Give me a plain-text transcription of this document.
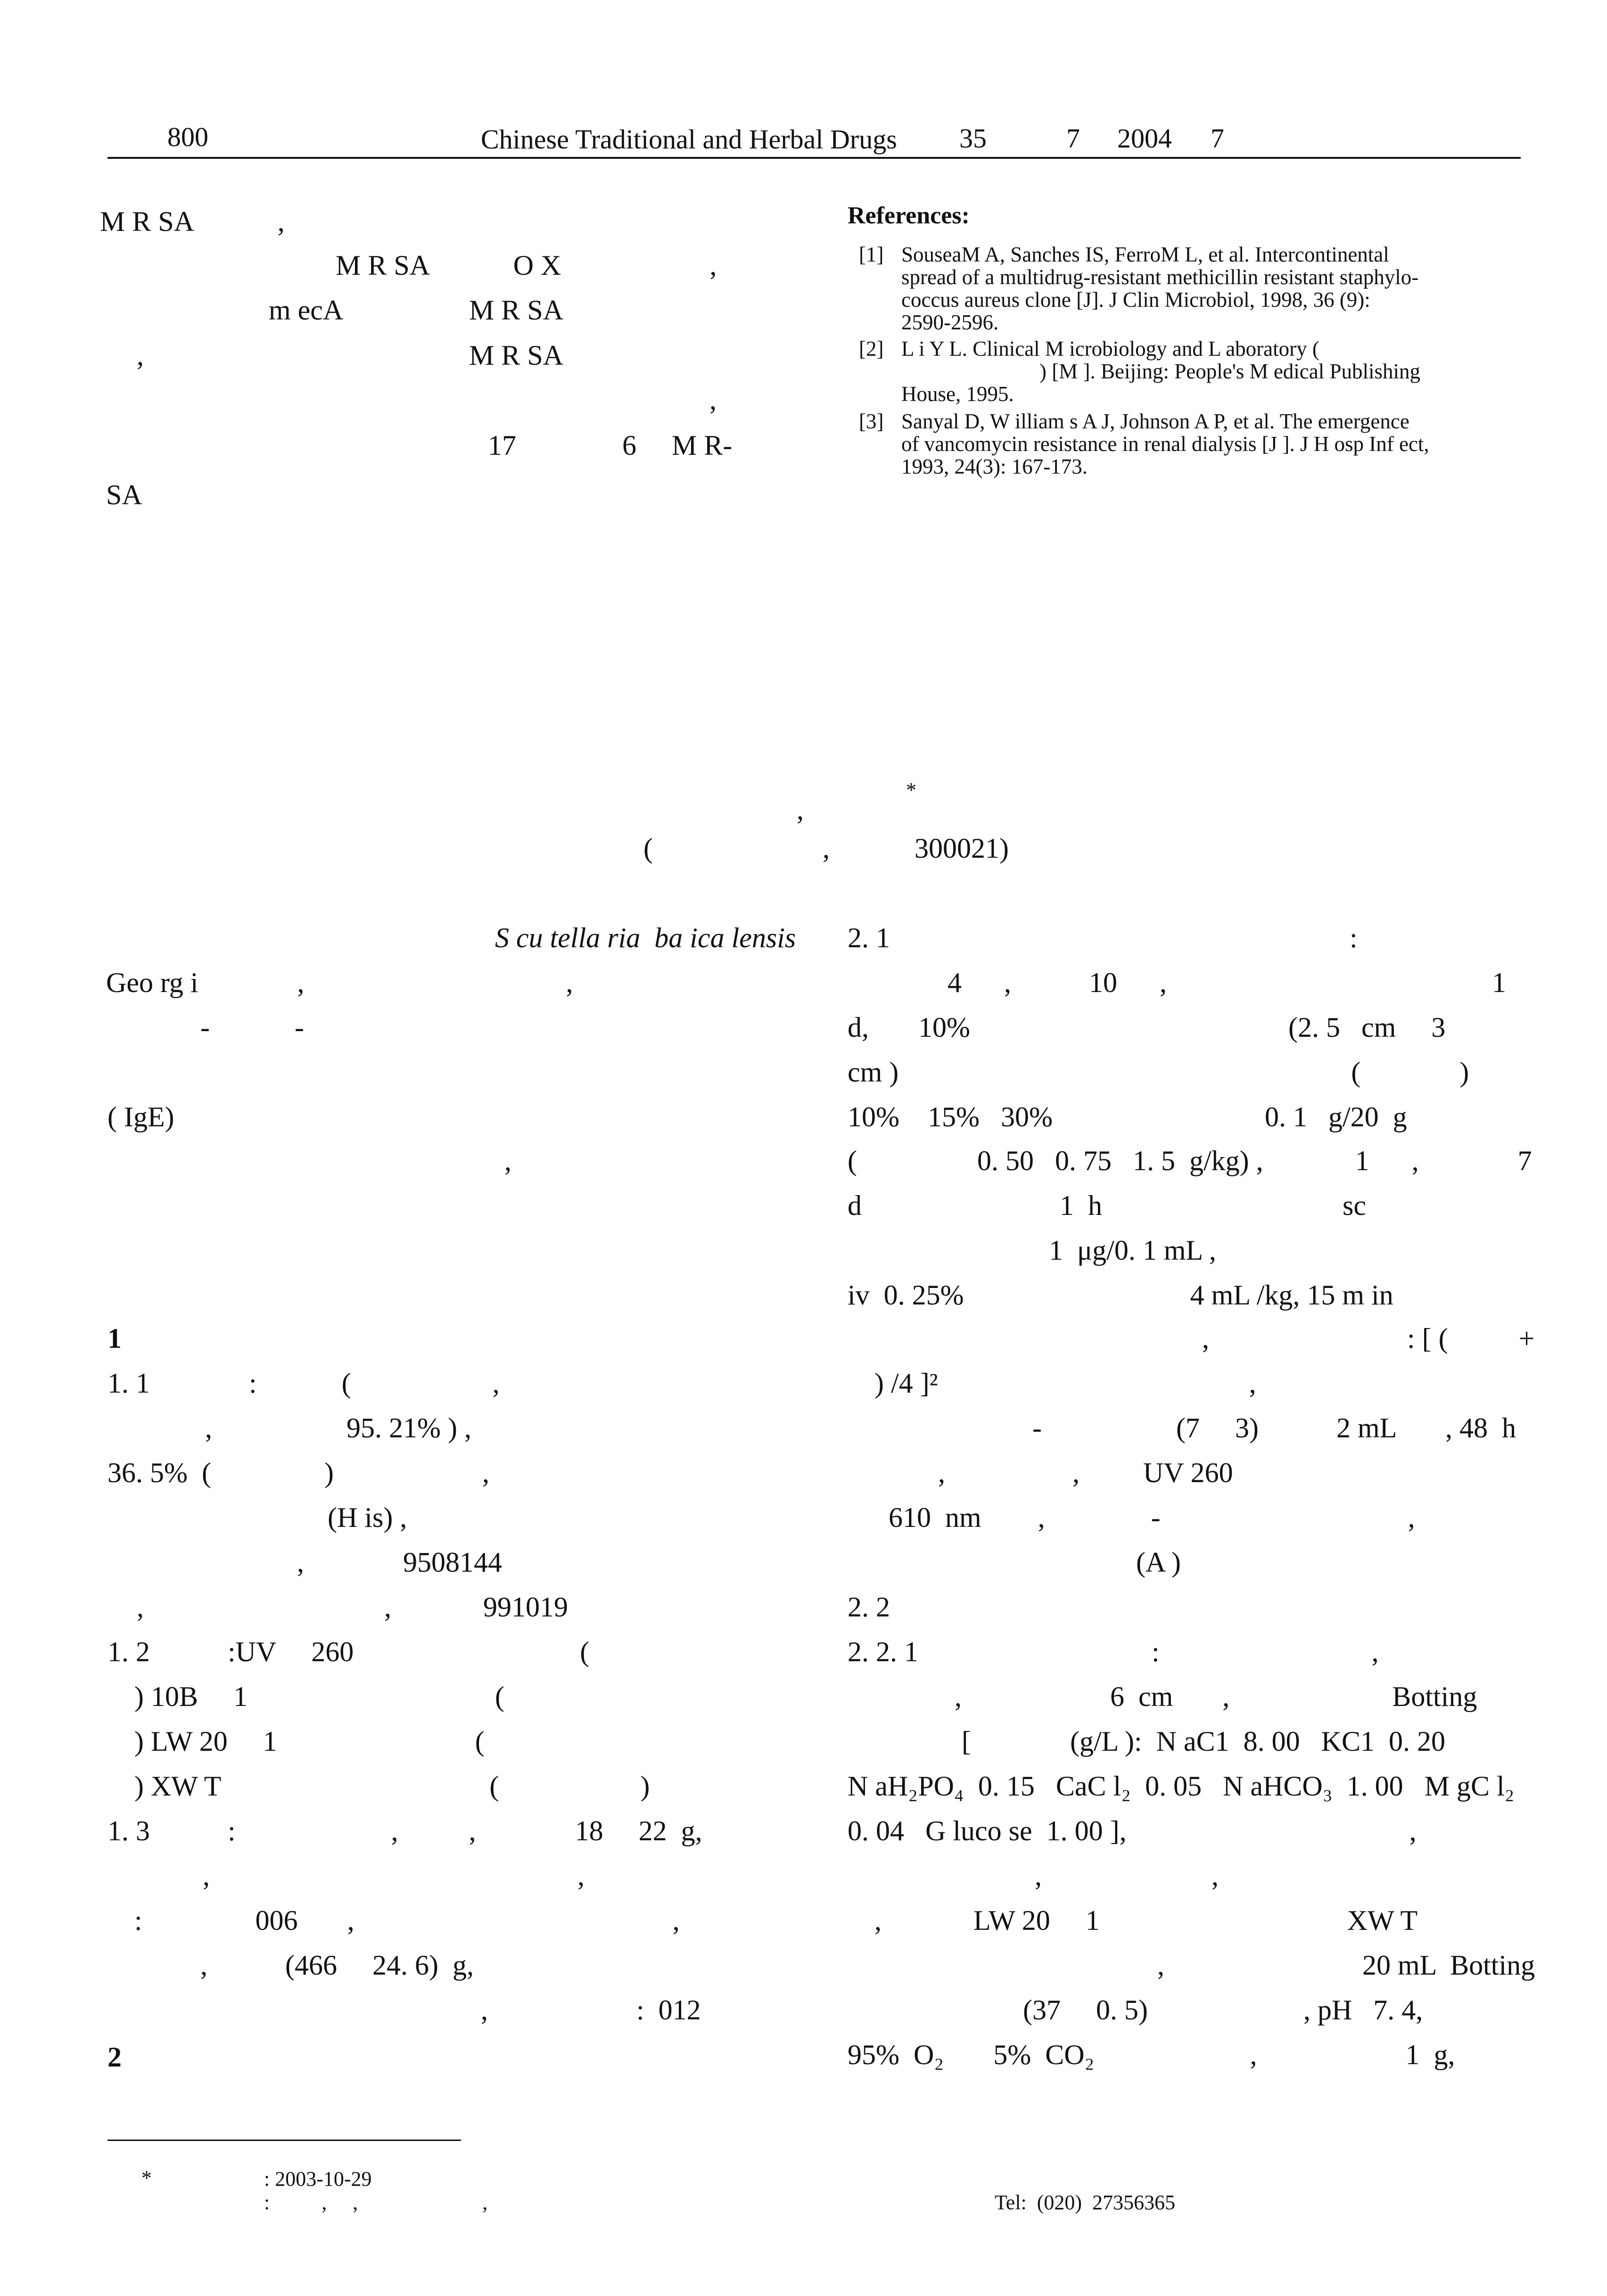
800	Chinese Traditional and Herbal Drugs 35	7 2004 7
M R SA            ,
M R SA            O X                     ,
m ecA                  M R SA
,                                              M R SA
,
17               6     M R-
SA
References:
[1] SouseaM A, Sanches IS, FerroM L, et al. Intercontinental
spread of a multidrug-resistant methicillin resistant staphylo-
coccus aureus clone [J]. J Clin Microbiol, 1998, 36 (9):
2590-2596.
[2] L i Y L. Clinical M icrobiology and L aboratory (
) [M ]. Beijing: People's M edical Publishing
House, 1995.
[3] Sanyal D, W illiam s A J, Johnson A P, et al. The emergence
of vancomycin resistance in renal dialysis [J ]. J H osp Inf ect,
1993, 24(3): 167-173.
*
,
(                        ,            300021)
S cu tella ria  ba ica lensis
Geo rg i              ,                                     ,
-            -
( IgE)
,
1
1. 1              :            (                    ,
,                   95. 21% ) ,
36. 5%  (                )                     ,
(H is) ,
,              9508144
,                                  ,             991019
1. 2           :UV     260                                (
) 10B     1                                   (
) LW 20     1                            (
) XW T                                      (                    )
1. 3           :                      ,          ,              18     22  g,
,                                                    ,
:                006       ,                                             ,
,           (466     24. 6)  g,
,                     :  012
2
2. 1                                                                 :
4      ,           10      ,                                              1
d,       10%                                             (2. 5   cm     3
cm )                                                                (              )
10%    15%   30%                              0. 1   g/20  g
(                 0. 50   0. 75   1. 5  g/kg) ,             1      ,              7
d                            1  h                                  sc
1  μg/0. 1 mL ,
iv  0. 25%                                4 mL /kg, 15 m in
,                            : [ (          +
) /4 ]²                                            ,
-                   (7     3)           2 mL       , 48  h
,                  ,         UV 260
610  nm        ,               -                                   ,
(A )
2. 2
2. 2. 1                                 :                              ,
,                     6  cm       ,                       Botting
[              (g/L ):  N aC1  8. 00   KC1  0. 20
N aH₂PO₄  0. 15   CaC l₂  0. 05   N aHCO₃  1. 00   M gC l₂
0. 04   G luco se  1. 00 ],                                        ,
,                        ,
,             LW 20     1                                   XW T
,                            20 mL  Botting
(37     0. 5)                      , pH   7. 4,
95%  O₂       5%  CO₂                      ,                     1  g,
*	: 2003-10-29
:          ,     ,                        ,	Tel:  (020)  27356365
